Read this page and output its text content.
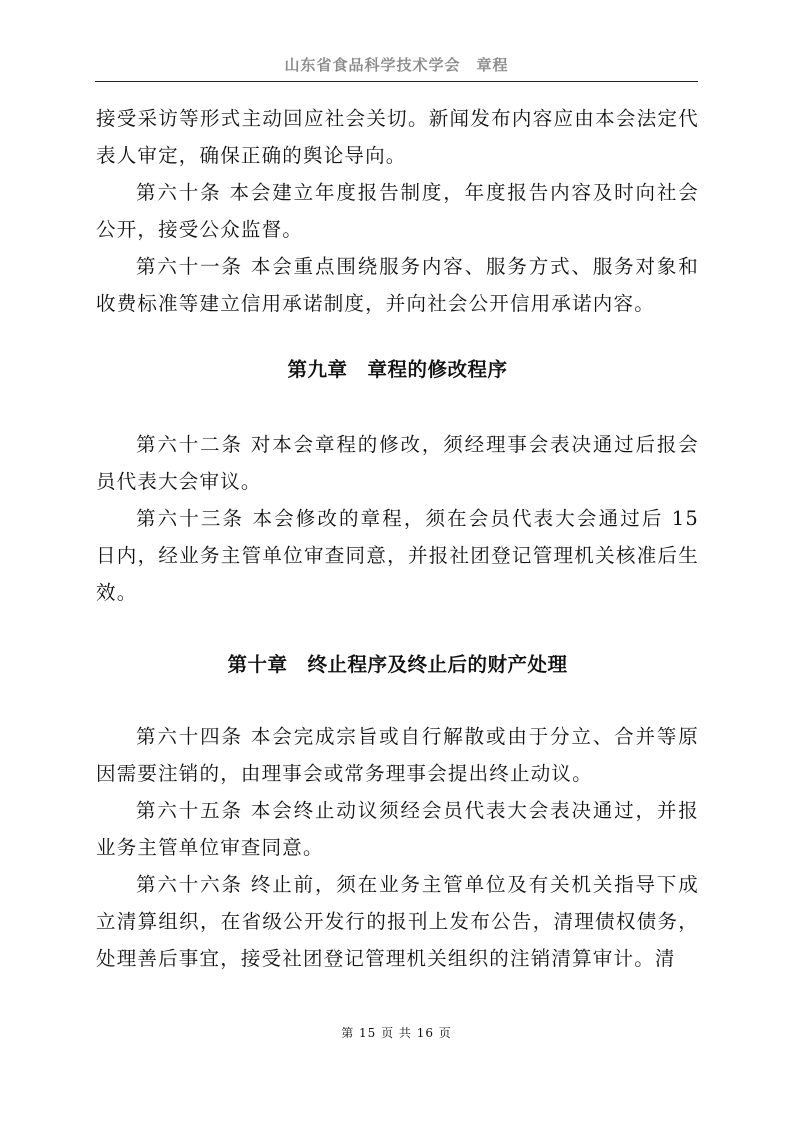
山东省食品科学技术学会 章程

接受采访等形式主动回应社会关切。新闻发布内容应由本会法定代表人审定，确保正确的舆论导向。

第六十条 本会建立年度报告制度，年度报告内容及时向社会公开，接受公众监督。

第六十一条 本会重点围绕服务内容、服务方式、服务对象和收费标准等建立信用承诺制度，并向社会公开信用承诺内容。

第九章 章程的修改程序

第六十二条 对本会章程的修改，须经理事会表决通过后报会员代表大会审议。

第六十三条 本会修改的章程，须在会员代表大会通过后 15 日内，经业务主管单位审查同意，并报社团登记管理机关核准后生效。

第十章 终止程序及终止后的财产处理

第六十四条 本会完成宗旨或自行解散或由于分立、合并等原因需要注销的，由理事会或常务理事会提出终止动议。

第六十五条 本会终止动议须经会员代表大会表决通过，并报业务主管单位审查同意。

第六十六条 终止前，须在业务主管单位及有关机关指导下成立清算组织，在省级公开发行的报刊上发布公告，清理债权债务，处理善后事宜，接受社团登记管理机关组织的注销清算审计。清

第 15 页 共 16 页
